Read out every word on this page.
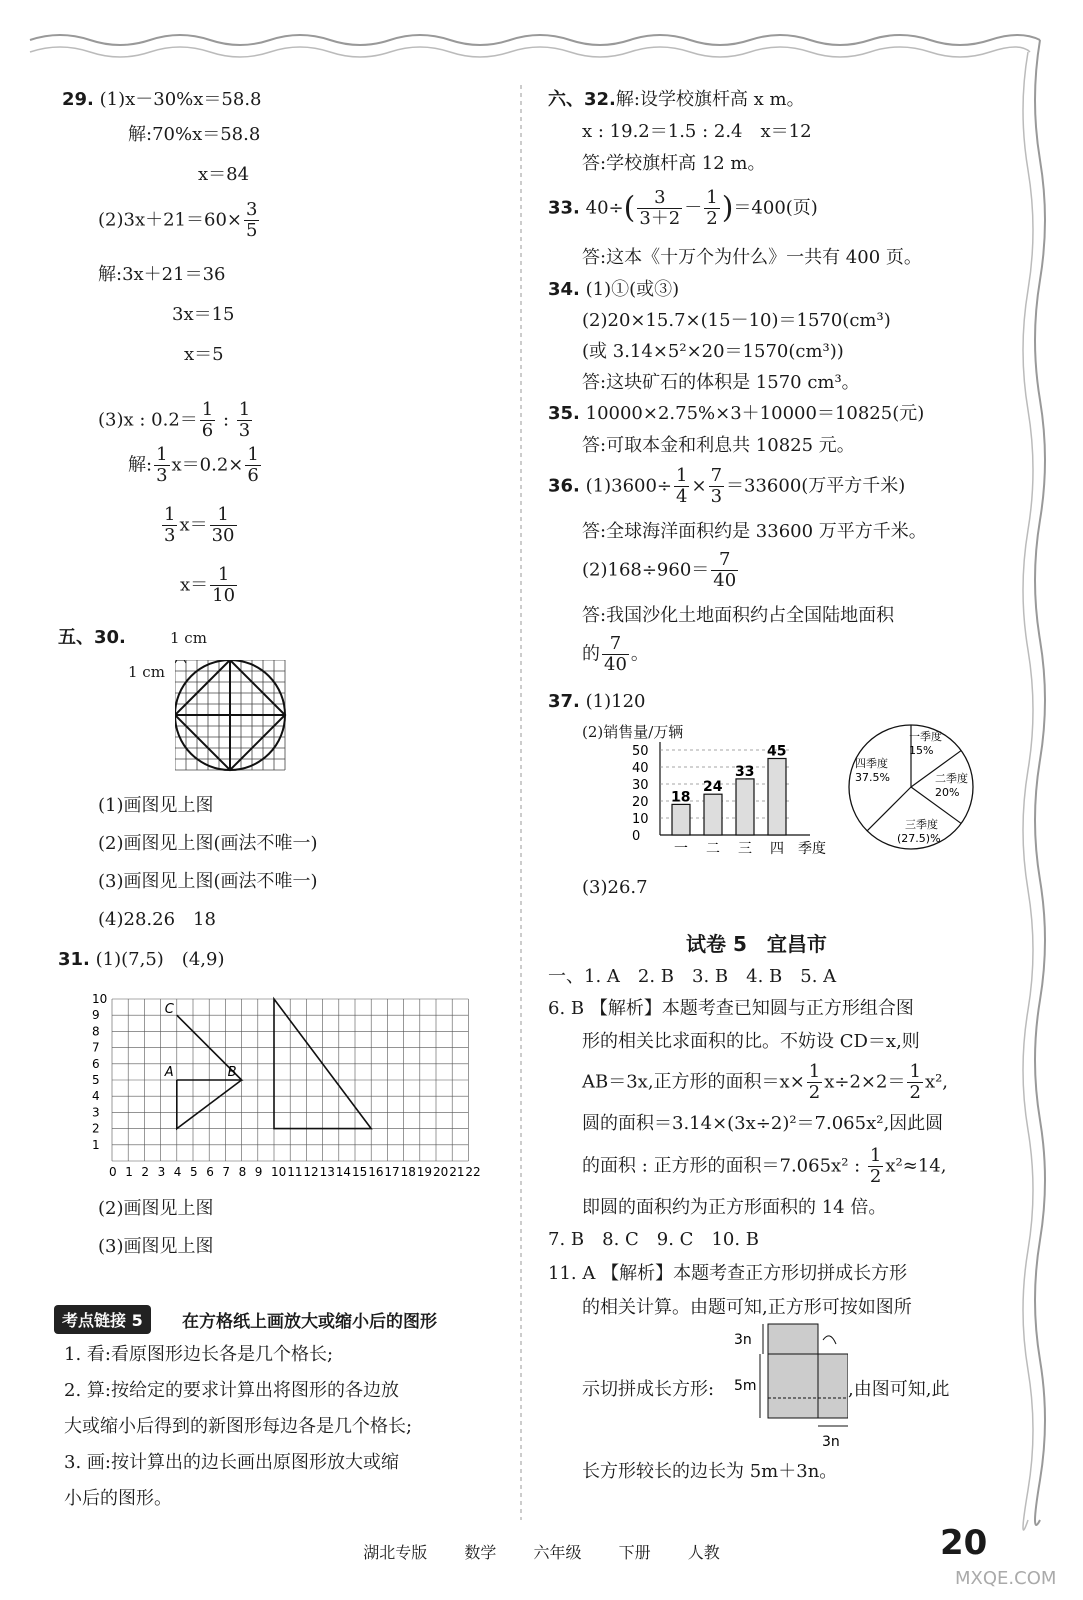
29. (1)x－30%x＝58.8
解:70%x＝58.8
x＝84
$(2)3x+21=60\times \frac{3}{5}$
解:3x＋21＝36
3x＝15
x＝5
(3)x : $0.2= \frac{1}{6}$ : $\frac{1}{3}$
解: $\frac{1}{3} x=0.2\times \frac{1}{6}$
$\frac{1}{3} x= \frac{1}{30}$
$x= \frac{1}{10}$
五、30.	1 cm
1 cm
(1)画图见上图
(2)画图见上图(画法不唯一)
(3)画图见上图(画法不唯一)
(4)28.26　18
31. (1)(7,5)　(4,9)
0 1 2 3 4 5 6 7 8 9 10 11 12 13 14 15 16 17 18 19 20 21 22
10
9
8
7
6
5
4
3
2
1
C
B
A
(2)画图见上图
(3)画图见上图
考点链接 5	在方格纸上画放大或缩小后的图形
1. 看:看原图形边长各是几个格长;
2. 算:按给定的要求计算出将图形的各边放
大或缩小后得到的新图形每边各是几个格长;
3. 画:按计算出的边长画出原图形放大或缩
小后的图形。
六、32.解:设学校旗杆高 x m。
x : 19.2＝1.5 : 2.4　x＝12
答:学校旗杆高 12 m。
33. $40\div( \frac{3}{3+2} - \frac{1}{2} )=400$(页)
答:这本《十万个为什么》一共有 400 页。
34. (1)①(或③)
(2)20×15.7×(15－10)＝1570(cm³)
(或 3.14×5²×20＝1570(cm³))
答:这块矿石的体积是 1570 cm³。
35. 10000×2.75%×3＋10000＝10825(元)
答:可取本金和利息共 10825 元。
36. $(1)3600\div \frac{1}{4} \times \frac{7}{3} =33600$(万平方千米)
答:全球海洋面积约是 33600 万平方千米。
$(2)168\div 960= \frac{7}{40}$
答:我国沙化土地面积约占全国陆地面积
的 $\frac{7}{40}$ 。
37. (1)120
(2)销售量/万辆
50
40
30
20
10
0
18
一
24
二
33
三
45
四 季度
一季度
15%
二季度
20%
三季度
(27.5)%
四季度
37.5%
(3)26.7
试卷 5　宜昌市
一、1. A　2. B　3. B　4. B　5. A
6. B 【解析】本题考查已知圆与正方形组合图
形的相关比求面积的比。不妨设 CD＝x,则
AB＝3x,正方形的面积$=x\times \frac{1}{2} x\div 2\times 2= \frac{1}{2} x^2$,
圆的面积＝3.14×(3x÷2)²＝7.065x²,因此圆
的面积 : 正方形的面积＝7.065x² : $\frac{1}{2} x^2\approx 14$,
即圆的面积约为正方形面积的 14 倍。
7. B　8. C　9. C　10. B
11. A 【解析】本题考查正方形切拼成长方形
的相关计算。由题可知,正方形可按如图所
示切拼成长方形:	,由图可知,此
3n
5m
3n
长方形较长的边长为 5m＋3n。
湖北专版 数学 六年级 下册 人教	20
MXQE.COM
